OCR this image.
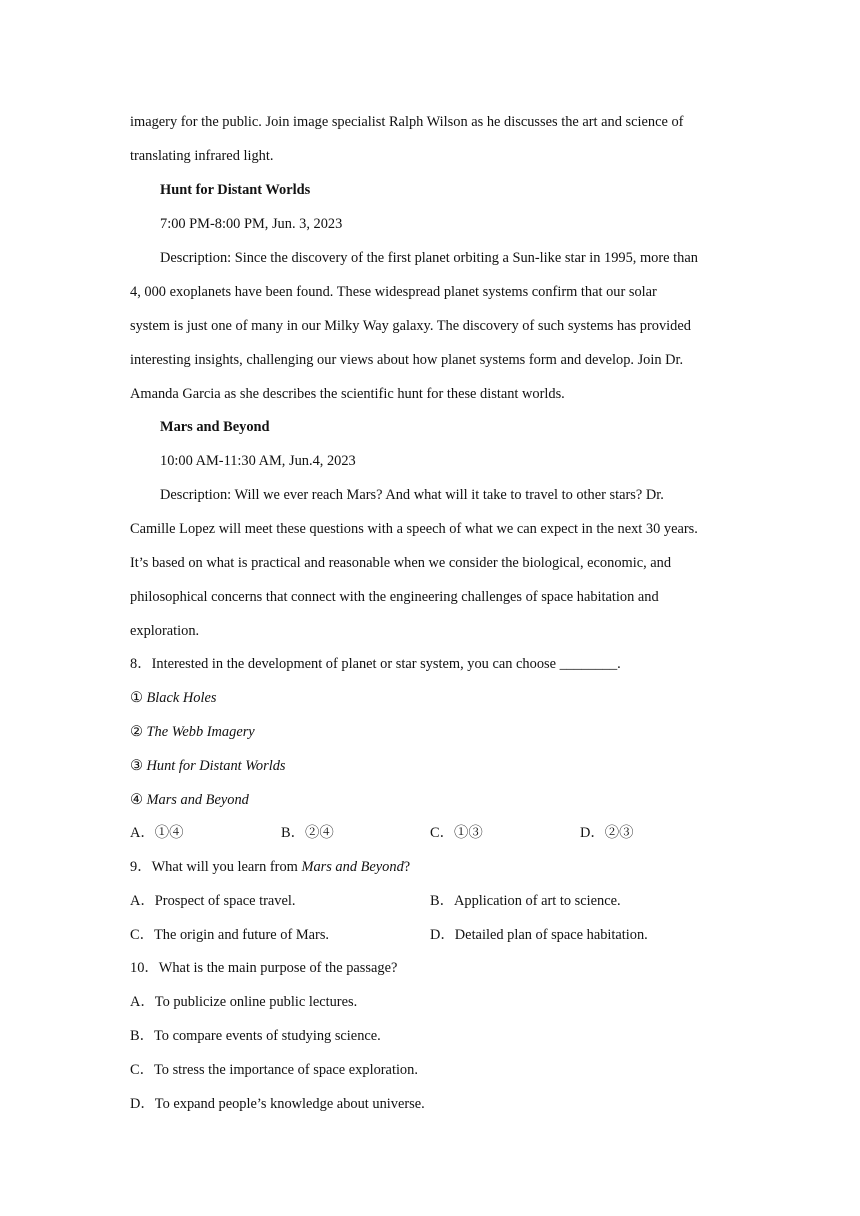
imagery for the public. Join image specialist Ralph Wilson as he discusses the art and science of
translating infrared light.
Hunt for Distant Worlds
7:00 PM-8:00 PM, Jun. 3, 2023
Description: Since the discovery of the first planet orbiting a Sun-like star in 1995, more than
4, 000 exoplanets have been found. These widespread planet systems confirm that our solar
system is just one of many in our Milky Way galaxy. The discovery of such systems has provided
interesting insights, challenging our views about how planet systems form and develop. Join Dr.
Amanda Garcia as she describes the scientific hunt for these distant worlds.
Mars and Beyond
10:00 AM-11:30 AM, Jun.4, 2023
Description: Will we ever reach Mars? And what will it take to travel to other stars? Dr.
Camille Lopez will meet these questions with a speech of what we can expect in the next 30 years.
It’s based on what is practical and reasonable when we consider the biological, economic, and
philosophical concerns that connect with the engineering challenges of space habitation and
exploration.
8．Interested in the development of planet or star system, you can choose ________.
① Black Holes
② The Webb Imagery
③ Hunt for Distant Worlds
④ Mars and Beyond
A．①④	B．②④	C．①③	D．②③
9．What will you learn from Mars and Beyond?
A．Prospect of space travel.	B．Application of art to science.
C．The origin and future of Mars.	D．Detailed plan of space habitation.
10．What is the main purpose of the passage?
A．To publicize online public lectures.
B．To compare events of studying science.
C．To stress the importance of space exploration.
D．To expand people’s knowledge about universe.
